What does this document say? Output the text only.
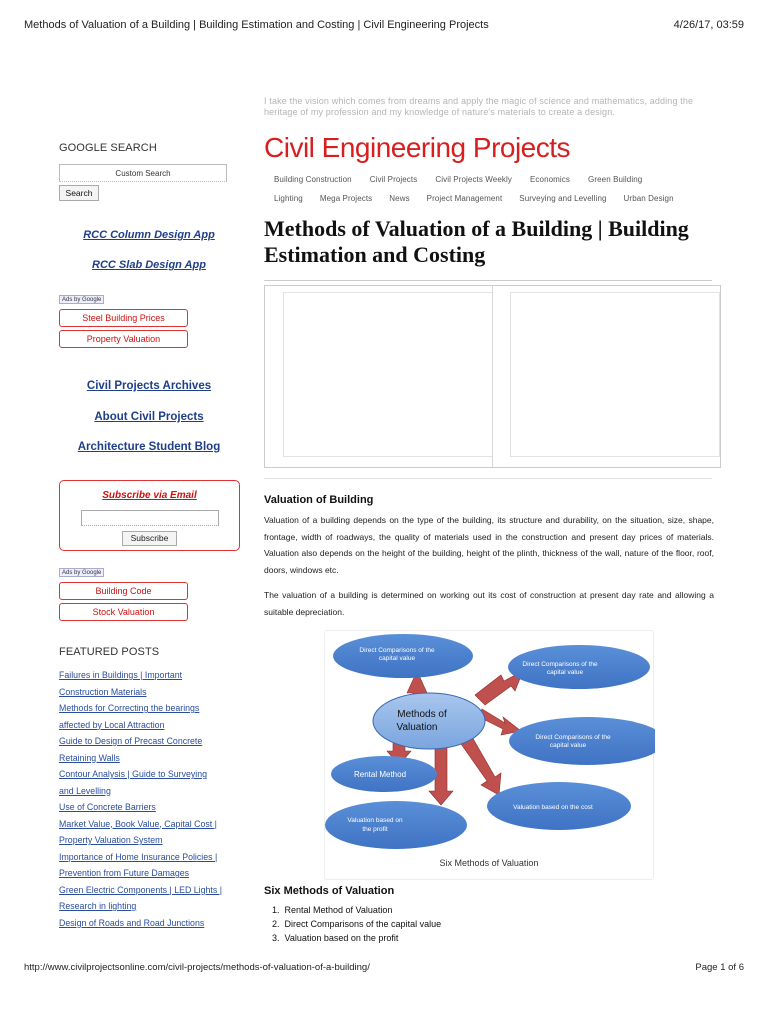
Methods of Valuation of a Building | Building Estimation and Costing | Civil Engineering Projects	4/26/17, 03:59
I take the vision which comes from dreams and apply the magic of science and mathematics, adding the heritage of my profession and my knowledge of nature's materials to create a design.
Civil Engineering Projects
Building Construction Civil Projects Civil Projects Weekly Economics Green Building
Lighting Mega Projects News Project Management Surveying and Levelling Urban Design
Methods of Valuation of a Building | Building Estimation and Costing
Valuation of Building
Valuation of a building depends on the type of the building, its structure and durability, on the situation, size, shape, frontage, width of roadways, the quality of materials used in the construction and present day prices of materials. Valuation also depends on the height of the building, height of the plinth, thickness of the wall, nature of the floor, roof, doors, windows etc.
The valuation of a building is determined on working out its cost of construction at present day rate and allowing a suitable depreciation.
Methods of
Valuation
Direct Comparisons of the
capital value
Direct Comparisons of the
capital value
Direct Comparisons of the
capital value
Rental Method
Valuation based on
the profit
Valuation based on the cost
Six Methods of Valuation
Six Methods of Valuation
1.  Rental Method of Valuation
2.  Direct Comparisons of the capital value
3.  Valuation based on the profit
GOOGLE SEARCH
Custom Search
Search
RCC Column Design App
RCC Slab Design App
Ads by Google
Steel Building Prices
Property Valuation
Civil Projects Archives
About Civil Projects
Architecture Student Blog
Subscribe via Email
Subscribe
Ads by Google
Building Code
Stock Valuation
FEATURED POSTS
Failures in Buildings | Important
Construction Materials
Methods for Correcting the bearings
affected by Local Attraction
Guide to Design of Precast Concrete
Retaining Walls
Contour Analysis | Guide to Surveying
and Levelling
Use of Concrete Barriers
Market Value, Book Value, Capital Cost |
Property Valuation System
Importance of Home Insurance Policies |
Prevention from Future Damages
Green Electric Components | LED Lights |
Research in lighting
Design of Roads and Road Junctions
http://www.civilprojectsonline.com/civil-projects/methods-of-valuation-of-a-building/	Page 1 of 6
